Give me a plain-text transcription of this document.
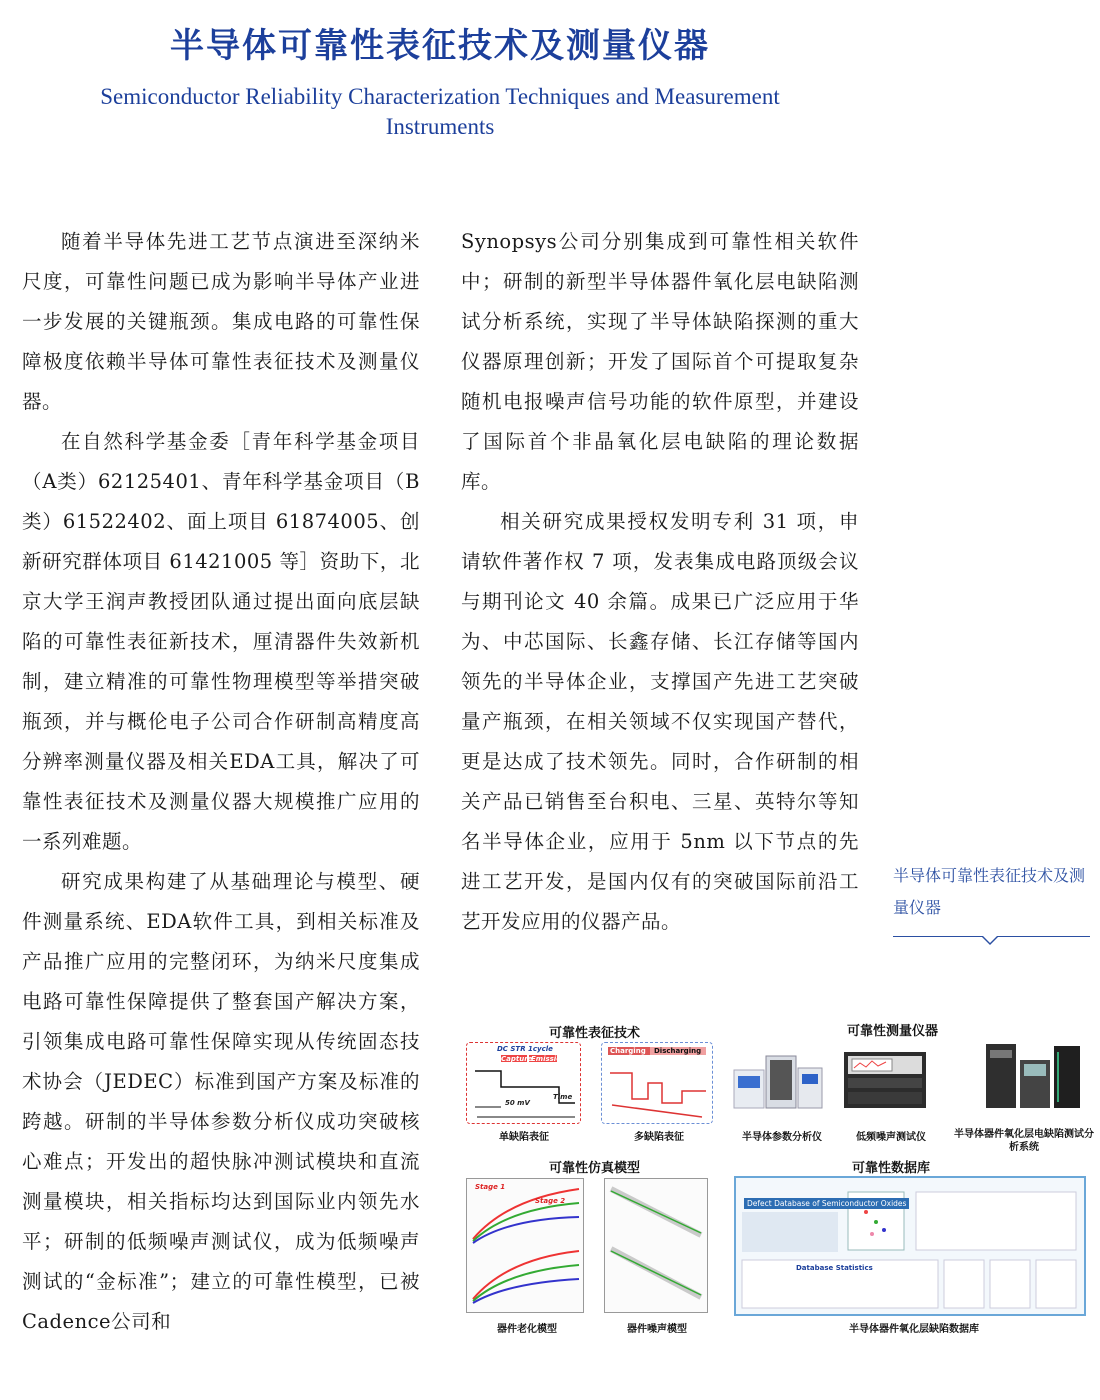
半导体可靠性表征技术及测量仪器
Semiconductor Reliability Characterization Techniques and Measurement
Instruments

随着半导体先进工艺节点演进至深纳米尺度，可靠性问题已成为影响半导体产业进一步发展的关键瓶颈。集成电路的可靠性保障极度依赖半导体可靠性表征技术及测量仪器。

在自然科学基金委［青年科学基金项目（A类）62125401、青年科学基金项目（B类）61522402、面上项目 61874005、创新研究群体项目 61421005 等］资助下，北京大学王润声教授团队通过提出面向底层缺陷的可靠性表征新技术，厘清器件失效新机制，建立精准的可靠性物理模型等举措突破瓶颈，并与概伦电子公司合作研制高精度高分辨率测量仪器及相关EDA工具，解决了可靠性表征技术及测量仪器大规模推广应用的一系列难题。

研究成果构建了从基础理论与模型、硬件测量系统、EDA软件工具，到相关标准及产品推广应用的完整闭环，为纳米尺度集成电路可靠性保障提供了整套国产解决方案，引领集成电路可靠性保障实现从传统固态技术协会（JEDEC）标准到国产方案及标准的跨越。研制的半导体参数分析仪成功突破核心难点；开发出的超快脉冲测试模块和直流测量模块，相关指标均达到国际业内领先水平；研制的低频噪声测试仪，成为低频噪声测试的“金标准”；建立的可靠性模型，已被Cadence公司和

Synopsys公司分别集成到可靠性相关软件中；研制的新型半导体器件氧化层电缺陷测试分析系统，实现了半导体缺陷探测的重大仪器原理创新；开发了国际首个可提取复杂随机电报噪声信号功能的软件原型，并建设了国际首个非晶氧化层电缺陷的理论数据库。

相关研究成果授权发明专利 31 项，申请软件著作权 7 项，发表集成电路顶级会议与期刊论文 40 余篇。成果已广泛应用于华为、中芯国际、长鑫存储、长江存储等国内领先的半导体企业，支撑国产先进工艺突破量产瓶颈，在相关领域不仅实现国产替代，更是达成了技术领先。同时，合作研制的相关产品已销售至台积电、三星、英特尔等知名半导体企业，应用于 5nm 以下节点的先进工艺开发，是国内仅有的突破国际前沿工艺开发应用的仪器产品。

半导体可靠性表征技术及测量仪器
可靠性表征技术	可靠性测量仪器
可靠性仿真模型	可靠性数据库
DC STR 1cycle
Capture
Emission
50 mV
Time
单缺陷表征
Charging Discharging
多缺陷表征	半导体参数分析仪	低频噪声测试仪	半导体器件氧化层电缺陷测试分析系统
Stage 1
Stage 2
器件老化模型	器件噪声模型
Defect Database of Semiconductor Oxides
Database Statistics
半导体器件氧化层缺陷数据库
